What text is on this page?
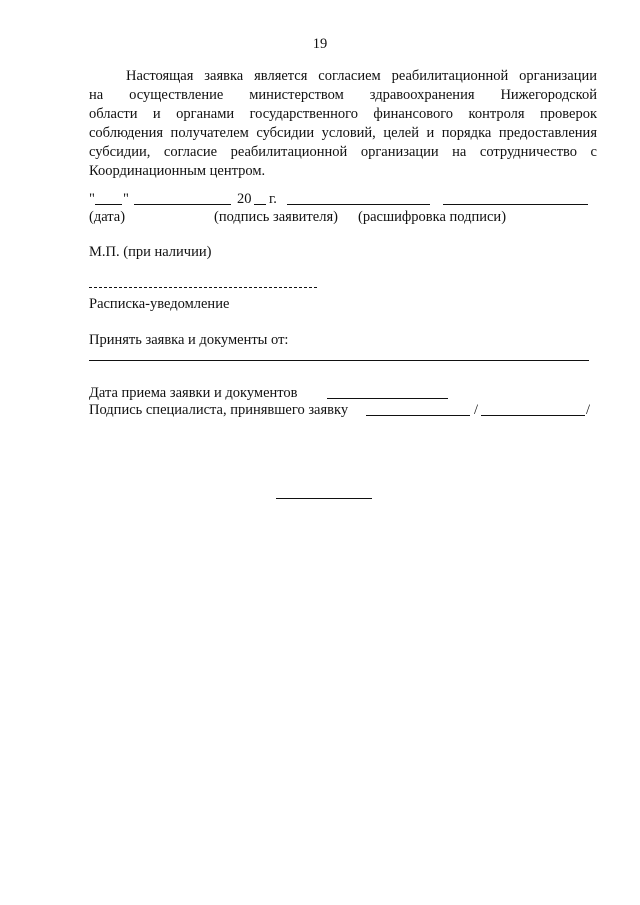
19
Настоящая заявка является согласием реабилитационной организации
на осуществление министерством здравоохранения Нижегородской
области и органами государственного финансового контроля проверок
соблюдения получателем субсидии условий, целей и порядка предоставления
субсидии, согласие реабилитационной организации на сотрудничество с
Координационным центром.
" "	20 г.
(дата)	(подпись заявителя) (расшифровка подписи)
М.П. (при наличии)
Расписка-уведомление
Принять заявка и документы от:
Дата приема заявки и документов
Подпись специалиста, принявшего заявку	/	/
